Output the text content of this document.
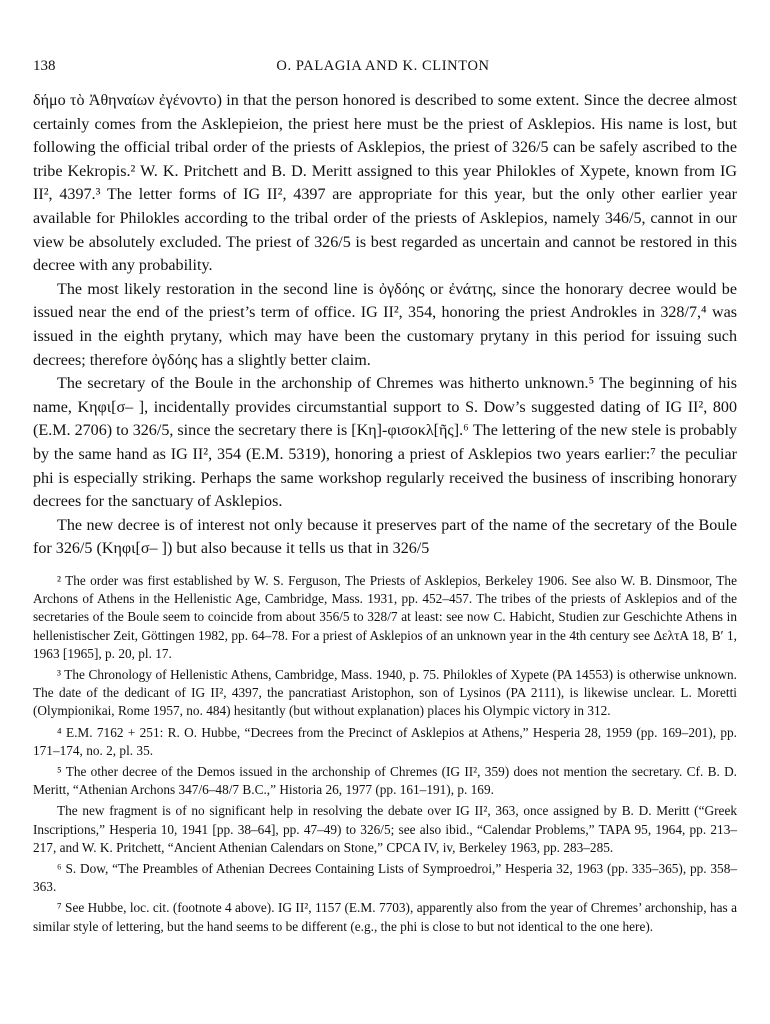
138	O. PALAGIA AND K. CLINTON

δήμο τὸ Ἀθηναίων ἐγένοντο) in that the person honored is described to some extent. Since the decree almost certainly comes from the Asklepieion, the priest here must be the priest of Asklepios. His name is lost, but following the official tribal order of the priests of Asklepios, the priest of 326/5 can be safely ascribed to the tribe Kekropis.² W. K. Pritchett and B. D. Meritt assigned to this year Philokles of Xypete, known from IG II², 4397.³ The letter forms of IG II², 4397 are appropriate for this year, but the only other earlier year available for Philokles according to the tribal order of the priests of Asklepios, namely 346/5, cannot in our view be absolutely excluded. The priest of 326/5 is best regarded as uncertain and cannot be restored in this decree with any probability.

The most likely restoration in the second line is ὀγδόης or ἐνάτης, since the honorary decree would be issued near the end of the priest’s term of office. IG II², 354, honoring the priest Androkles in 328/7,⁴ was issued in the eighth prytany, which may have been the customary prytany in this period for issuing such decrees; therefore ὀγδόης has a slightly better claim.

The secretary of the Boule in the archonship of Chremes was hitherto unknown.⁵ The beginning of his name, Κηφι[σ– ], incidentally provides circumstantial support to S. Dow’s suggested dating of IG II², 800 (E.M. 2706) to 326/5, since the secretary there is [Κη]-φισοκλ[ῆς].⁶ The lettering of the new stele is probably by the same hand as IG II², 354 (E.M. 5319), honoring a priest of Asklepios two years earlier:⁷ the peculiar phi is especially striking. Perhaps the same workshop regularly received the business of inscribing honorary decrees for the sanctuary of Asklepios.

The new decree is of interest not only because it preserves part of the name of the secretary of the Boule for 326/5 (Κηφι[σ– ]) but also because it tells us that in 326/5

² The order was first established by W. S. Ferguson, The Priests of Asklepios, Berkeley 1906. See also W. B. Dinsmoor, The Archons of Athens in the Hellenistic Age, Cambridge, Mass. 1931, pp. 452–457. The tribes of the priests of Asklepios and of the secretaries of the Boule seem to coincide from about 356/5 to 328/7 at least: see now C. Habicht, Studien zur Geschichte Athens in hellenistischer Zeit, Göttingen 1982, pp. 64–78. For a priest of Asklepios of an unknown year in the 4th century see ΔελτΑ 18, Β′ 1, 1963 [1965], p. 20, pl. 17.

³ The Chronology of Hellenistic Athens, Cambridge, Mass. 1940, p. 75. Philokles of Xypete (PA 14553) is otherwise unknown. The date of the dedicant of IG II², 4397, the pancratiast Aristophon, son of Lysinos (PA 2111), is likewise unclear. L. Moretti (Olympionikai, Rome 1957, no. 484) hesitantly (but without explanation) places his Olympic victory in 312.

⁴ E.M. 7162 + 251: R. O. Hubbe, “Decrees from the Precinct of Asklepios at Athens,” Hesperia 28, 1959 (pp. 169–201), pp. 171–174, no. 2, pl. 35.

⁵ The other decree of the Demos issued in the archonship of Chremes (IG II², 359) does not mention the secretary. Cf. B. D. Meritt, “Athenian Archons 347/6–48/7 B.C.,” Historia 26, 1977 (pp. 161–191), p. 169.

The new fragment is of no significant help in resolving the debate over IG II², 363, once assigned by B. D. Meritt (“Greek Inscriptions,” Hesperia 10, 1941 [pp. 38–64], pp. 47–49) to 326/5; see also ibid., “Calendar Problems,” TAPA 95, 1964, pp. 213–217, and W. K. Pritchett, “Ancient Athenian Calendars on Stone,” CPCA IV, iv, Berkeley 1963, pp. 283–285.

⁶ S. Dow, “The Preambles of Athenian Decrees Containing Lists of Symproedroi,” Hesperia 32, 1963 (pp. 335–365), pp. 358–363.

⁷ See Hubbe, loc. cit. (footnote 4 above). IG II², 1157 (E.M. 7703), apparently also from the year of Chremes’ archonship, has a similar style of lettering, but the hand seems to be different (e.g., the phi is close to but not identical to the one here).
